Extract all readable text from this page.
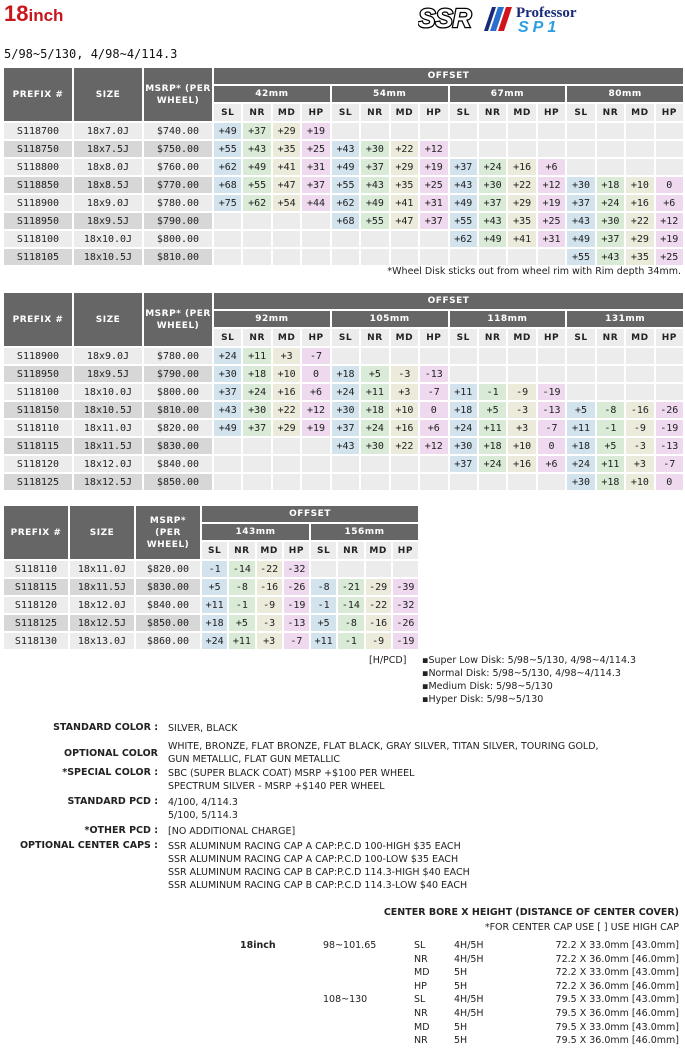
18inch	SSR	Professor
SP1
5/98~5/130, 4/98~4/114.3
PREFIX #	SIZE	MSRP* (PER WHEEL)	OFFSET															
			42mm				54mm				67mm				80mm			
			SL	NR	MD	HP	SL	NR	MD	HP	SL	NR	MD	HP	SL	NR	MD	HP
S118700	18x7.0J	$740.00	+49	+37	+29	+19												
S118750	18x7.5J	$750.00	+55	+43	+35	+25	+43	+30	+22	+12								
S118800	18x8.0J	$760.00	+62	+49	+41	+31	+49	+37	+29	+19	+37	+24	+16	+6				
S118850	18x8.5J	$770.00	+68	+55	+47	+37	+55	+43	+35	+25	+43	+30	+22	+12	+30	+18	+10	0
S118900	18x9.0J	$780.00	+75	+62	+54	+44	+62	+49	+41	+31	+49	+37	+29	+19	+37	+24	+16	+6
S118950	18x9.5J	$790.00					+68	+55	+47	+37	+55	+43	+35	+25	+43	+30	+22	+12
S118100	18x10.0J	$800.00									+62	+49	+41	+31	+49	+37	+29	+19
S118105	18x10.5J	$810.00													+55	+43	+35	+25
*Wheel Disk sticks out from wheel rim with Rim depth 34mm.
PREFIX #	SIZE	MSRP* (PER WHEEL)	OFFSET															
			92mm				105mm				118mm				131mm			
			SL	NR	MD	HP	SL	NR	MD	HP	SL	NR	MD	HP	SL	NR	MD	HP
S118900	18x9.0J	$780.00	+24	+11	+3	-7												
S118950	18x9.5J	$790.00	+30	+18	+10	0	+18	+5	-3	-13								
S118100	18x10.0J	$800.00	+37	+24	+16	+6	+24	+11	+3	-7	+11	-1	-9	-19				
S118150	18x10.5J	$810.00	+43	+30	+22	+12	+30	+18	+10	0	+18	+5	-3	-13	+5	-8	-16	-26
S118110	18x11.0J	$820.00	+49	+37	+29	+19	+37	+24	+16	+6	+24	+11	+3	-7	+11	-1	-9	-19
S118115	18x11.5J	$830.00					+43	+30	+22	+12	+30	+18	+10	0	+18	+5	-3	-13
S118120	18x12.0J	$840.00									+37	+24	+16	+6	+24	+11	+3	-7
S118125	18x12.5J	$850.00													+30	+18	+10	0
PREFIX #	SIZE	MSRP* (PER WHEEL)	OFFSET							
			143mm				156mm			
			SL	NR	MD	HP	SL	NR	MD	HP
S118110	18x11.0J	$820.00	-1	-14	-22	-32				
S118115	18x11.5J	$830.00	+5	-8	-16	-26	-8	-21	-29	-39
S118120	18x12.0J	$840.00	+11	-1	-9	-19	-1	-14	-22	-32
S118125	18x12.5J	$850.00	+18	+5	-3	-13	+5	-8	-16	-26
S118130	18x13.0J	$860.00	+24	+11	+3	-7	+11	-1	-9	-19
[H/PCD] ▪Super Low Disk: 5/98~5/130, 4/98~4/114.3
▪Normal Disk: 5/98~5/130, 4/98~4/114.3
▪Medium Disk: 5/98~5/130
▪Hyper Disk: 5/98~5/130
STANDARD COLOR : SILVER, BLACK
OPTIONAL COLOR
WHITE, BRONZE, FLAT BRONZE, FLAT BLACK, GRAY SILVER, TITAN SILVER, TOURING GOLD,
GUN METALLIC, FLAT GUN METALLIC
*SPECIAL COLOR : SBC (SUPER BLACK COAT) MSRP +$100 PER WHEEL
SPECTRUM SILVER - MSRP +$140 PER WHEEL
STANDARD PCD : 4/100, 4/114.3
5/100, 5/114.3
*OTHER PCD : [NO ADDITIONAL CHARGE]
OPTIONAL CENTER CAPS : SSR ALUMINUM RACING CAP A CAP:P.C.D 100-HIGH $35 EACH
SSR ALUMINUM RACING CAP A CAP:P.C.D 100-LOW $35 EACH
SSR ALUMINUM RACING CAP B CAP:P.C.D 114.3-HIGH $40 EACH
SSR ALUMINUM RACING CAP B CAP:P.C.D 114.3-LOW $40 EACH
CENTER BORE X HEIGHT (DISTANCE OF CENTER COVER)
*FOR CENTER CAP USE [ ] USE HIGH CAP
18inch	98~101.65	SL	4H/5H	72.2 X 33.0mm [43.0mm]
NR	4H/5H	72.2 X 36.0mm [46.0mm]
MD	5H	72.2 X 33.0mm [43.0mm]
HP	5H	72.2 X 36.0mm [46.0mm]
108~130	SL	4H/5H	79.5 X 33.0mm [43.0mm]
NR	4H/5H	79.5 X 36.0mm [46.0mm]
MD	5H	79.5 X 33.0mm [43.0mm]
NR	5H	79.5 X 36.0mm [46.0mm]
